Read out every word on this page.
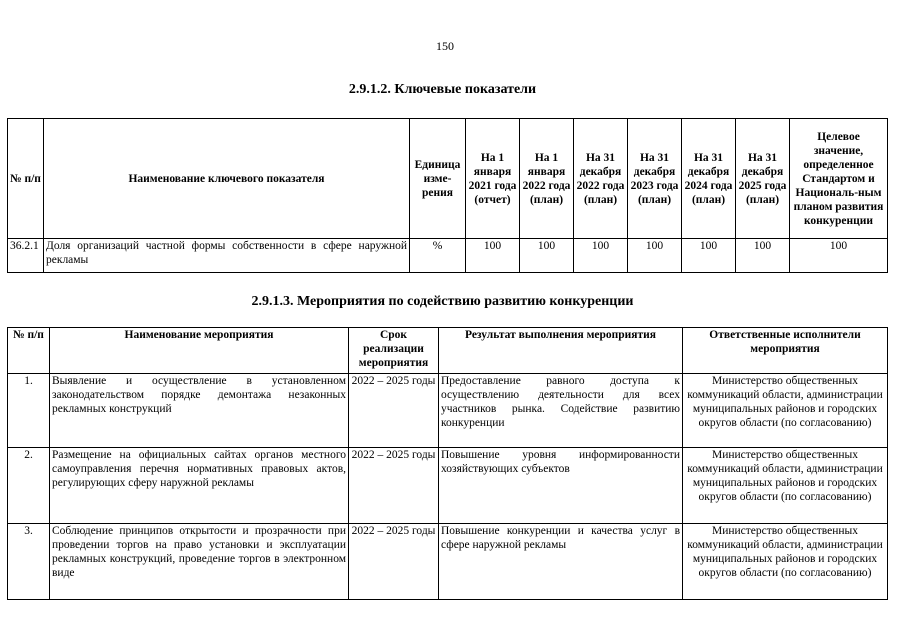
150
2.9.1.2. Ключевые показатели
№ п/п	Наименование ключевого показателя	Единица изме-рения	На 1 января 2021 года (отчет)	На 1 января 2022 года (план)	На 31 декабря 2022 года (план)	На 31 декабря 2023 года (план)	На 31 декабря 2024 года (план)	На 31 декабря 2025 года (план)	Целевое значение, определенное Стандартом и Националь-ным планом развития конкуренции
36.2.1	Доля организаций частной формы собственности в сфере наружной рекламы	%	100	100	100	100	100	100	100
2.9.1.3. Мероприятия по содействию развитию конкуренции
№ п/п	Наименование мероприятия	Срок реализации мероприятия	Результат выполнения мероприятия	Ответственные исполнители мероприятия
1.	Выявление и осуществление в установленном законодательством порядке демонтажа незаконных рекламных конструкций	2022 – 2025 годы	Предоставление равного доступа к осуществлению деятельности для всех участников рынка. Содействие развитию конкуренции	Министерство общественных коммуникаций области, администрации муниципальных районов и городских округов области (по согласованию)
2.	Размещение на официальных сайтах органов местного самоуправления перечня нормативных правовых актов, регулирующих сферу наружной рекламы	2022 – 2025 годы	Повышение уровня информированности хозяйствующих субъектов	Министерство общественных коммуникаций области, администрации муниципальных районов и городских округов области (по согласованию)
3.	Соблюдение принципов открытости и прозрачности при проведении торгов на право установки и эксплуатации рекламных конструкций, проведение торгов в электронном виде	2022 – 2025 годы	Повышение конкуренции и качества услуг в сфере наружной рекламы	Министерство общественных коммуникаций области, администрации муниципальных районов и городских округов области (по согласованию)
